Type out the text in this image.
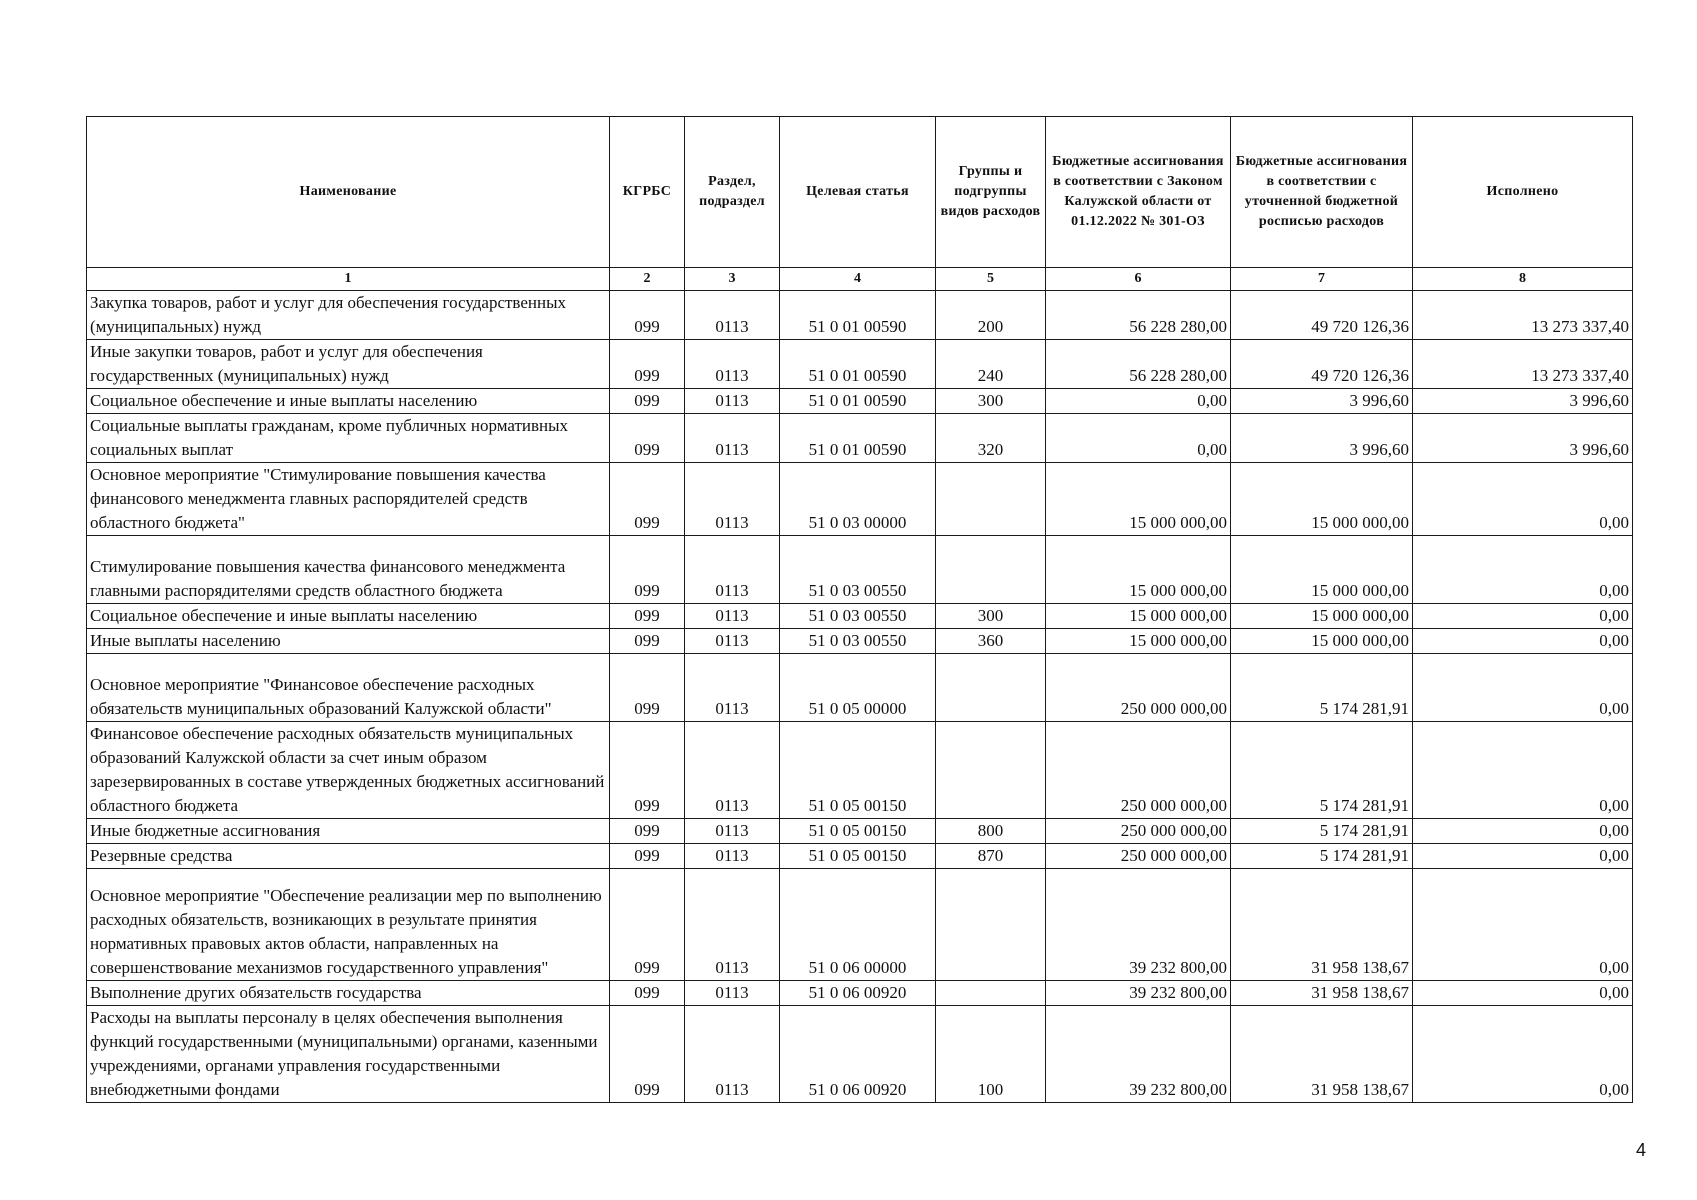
Наименование	КГРБС	Раздел, подраздел	Целевая статья	Группы и подгруппы видов расходов	Бюджетные ассигнования в соответствии с Законом Калужской области от 01.12.2022 № 301-ОЗ	Бюджетные ассигнования в соответствии с уточненной бюджетной росписью расходов	Исполнено
1	2	3	4	5	6	7	8
Закупка товаров, работ и услуг для обеспечения государственных (муниципальных) нужд	099	0113	51 0 01 00590	200	56 228 280,00	49 720 126,36	13 273 337,40
Иные закупки товаров, работ и услуг для обеспечения государственных (муниципальных) нужд	099	0113	51 0 01 00590	240	56 228 280,00	49 720 126,36	13 273 337,40
Социальное обеспечение и иные выплаты населению	099	0113	51 0 01 00590	300	0,00	3 996,60	3 996,60
Социальные выплаты гражданам, кроме публичных нормативных социальных выплат	099	0113	51 0 01 00590	320	0,00	3 996,60	3 996,60
Основное мероприятие "Стимулирование повышения качества финансового менеджмента главных распорядителей средств областного бюджета"	099	0113	51 0 03 00000		15 000 000,00	15 000 000,00	0,00
Стимулирование повышения качества финансового менеджмента главными распорядителями средств областного бюджета	099	0113	51 0 03 00550		15 000 000,00	15 000 000,00	0,00
Социальное обеспечение и иные выплаты населению	099	0113	51 0 03 00550	300	15 000 000,00	15 000 000,00	0,00
Иные выплаты населению	099	0113	51 0 03 00550	360	15 000 000,00	15 000 000,00	0,00
Основное мероприятие "Финансовое обеспечение расходных обязательств муниципальных образований Калужской области"	099	0113	51 0 05 00000		250 000 000,00	5 174 281,91	0,00
Финансовое обеспечение расходных обязательств муниципальных образований Калужской области за счет иным образом зарезервированных в составе утвержденных бюджетных ассигнований областного бюджета	099	0113	51 0 05 00150		250 000 000,00	5 174 281,91	0,00
Иные бюджетные ассигнования	099	0113	51 0 05 00150	800	250 000 000,00	5 174 281,91	0,00
Резервные средства	099	0113	51 0 05 00150	870	250 000 000,00	5 174 281,91	0,00
Основное мероприятие "Обеспечение реализации мер по выполнению расходных обязательств, возникающих в результате принятия нормативных правовых актов области, направленных на совершенствование механизмов государственного управления"	099	0113	51 0 06 00000		39 232 800,00	31 958 138,67	0,00
Выполнение других обязательств государства	099	0113	51 0 06 00920		39 232 800,00	31 958 138,67	0,00
Расходы на выплаты персоналу в целях обеспечения выполнения функций государственными (муниципальными) органами, казенными учреждениями, органами управления государственными внебюджетными фондами	099	0113	51 0 06 00920	100	39 232 800,00	31 958 138,67	0,00
4
